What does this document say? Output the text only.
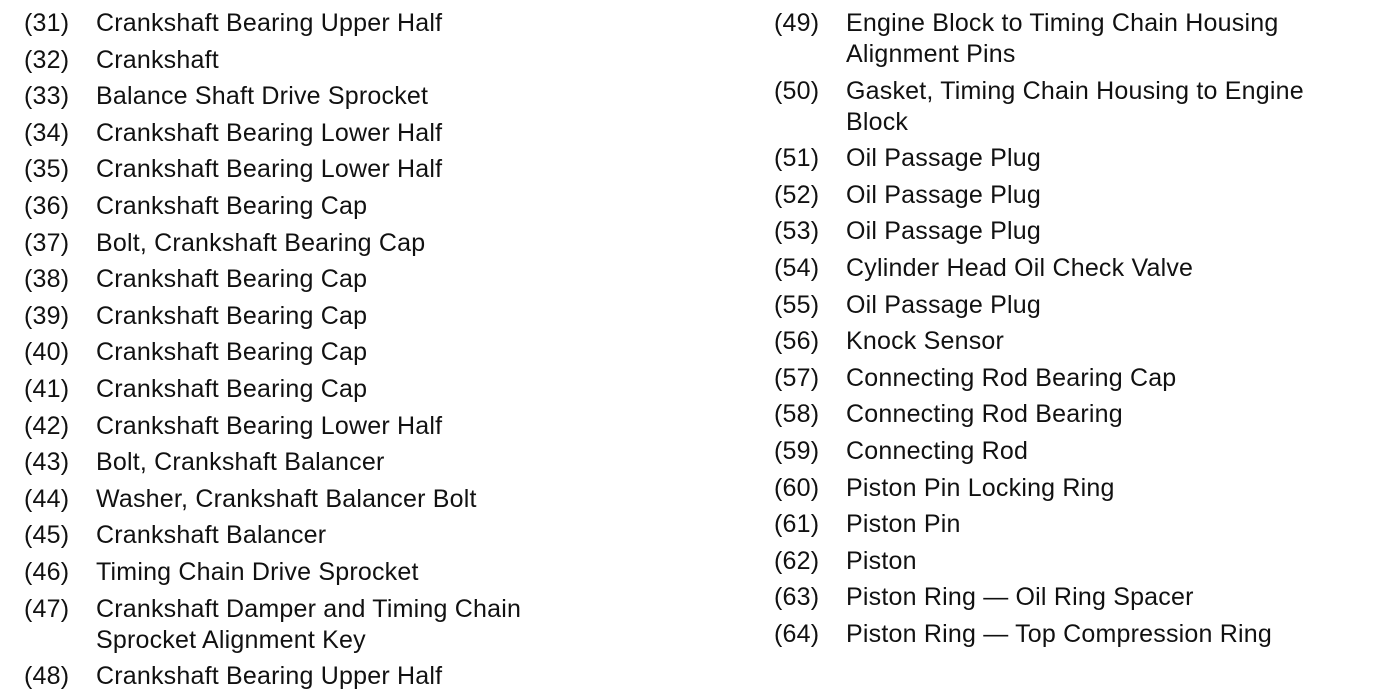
(31)	Crankshaft Bearing Upper Half
(32)	Crankshaft
(33)	Balance Shaft Drive Sprocket
(34)	Crankshaft Bearing Lower Half
(35)	Crankshaft Bearing Lower Half
(36)	Crankshaft Bearing Cap
(37)	Bolt, Crankshaft Bearing Cap
(38)	Crankshaft Bearing Cap
(39)	Crankshaft Bearing Cap
(40)	Crankshaft Bearing Cap
(41)	Crankshaft Bearing Cap
(42)	Crankshaft Bearing Lower Half
(43)	Bolt, Crankshaft Balancer
(44)	Washer, Crankshaft Balancer Bolt
(45)	Crankshaft Balancer
(46)	Timing Chain Drive Sprocket
(47)	Crankshaft Damper and Timing Chain Sprocket Alignment Key
(48)	Crankshaft Bearing Upper Half
(49)	Engine Block to Timing Chain Housing Alignment Pins
(50)	Gasket, Timing Chain Housing to Engine Block
(51)	Oil Passage Plug
(52)	Oil Passage Plug
(53)	Oil Passage Plug
(54)	Cylinder Head Oil Check Valve
(55)	Oil Passage Plug
(56)	Knock Sensor
(57)	Connecting Rod Bearing Cap
(58)	Connecting Rod Bearing
(59)	Connecting Rod
(60)	Piston Pin Locking Ring
(61)	Piston Pin
(62)	Piston
(63)	Piston Ring — Oil Ring Spacer
(64)	Piston Ring — Top Compression Ring
